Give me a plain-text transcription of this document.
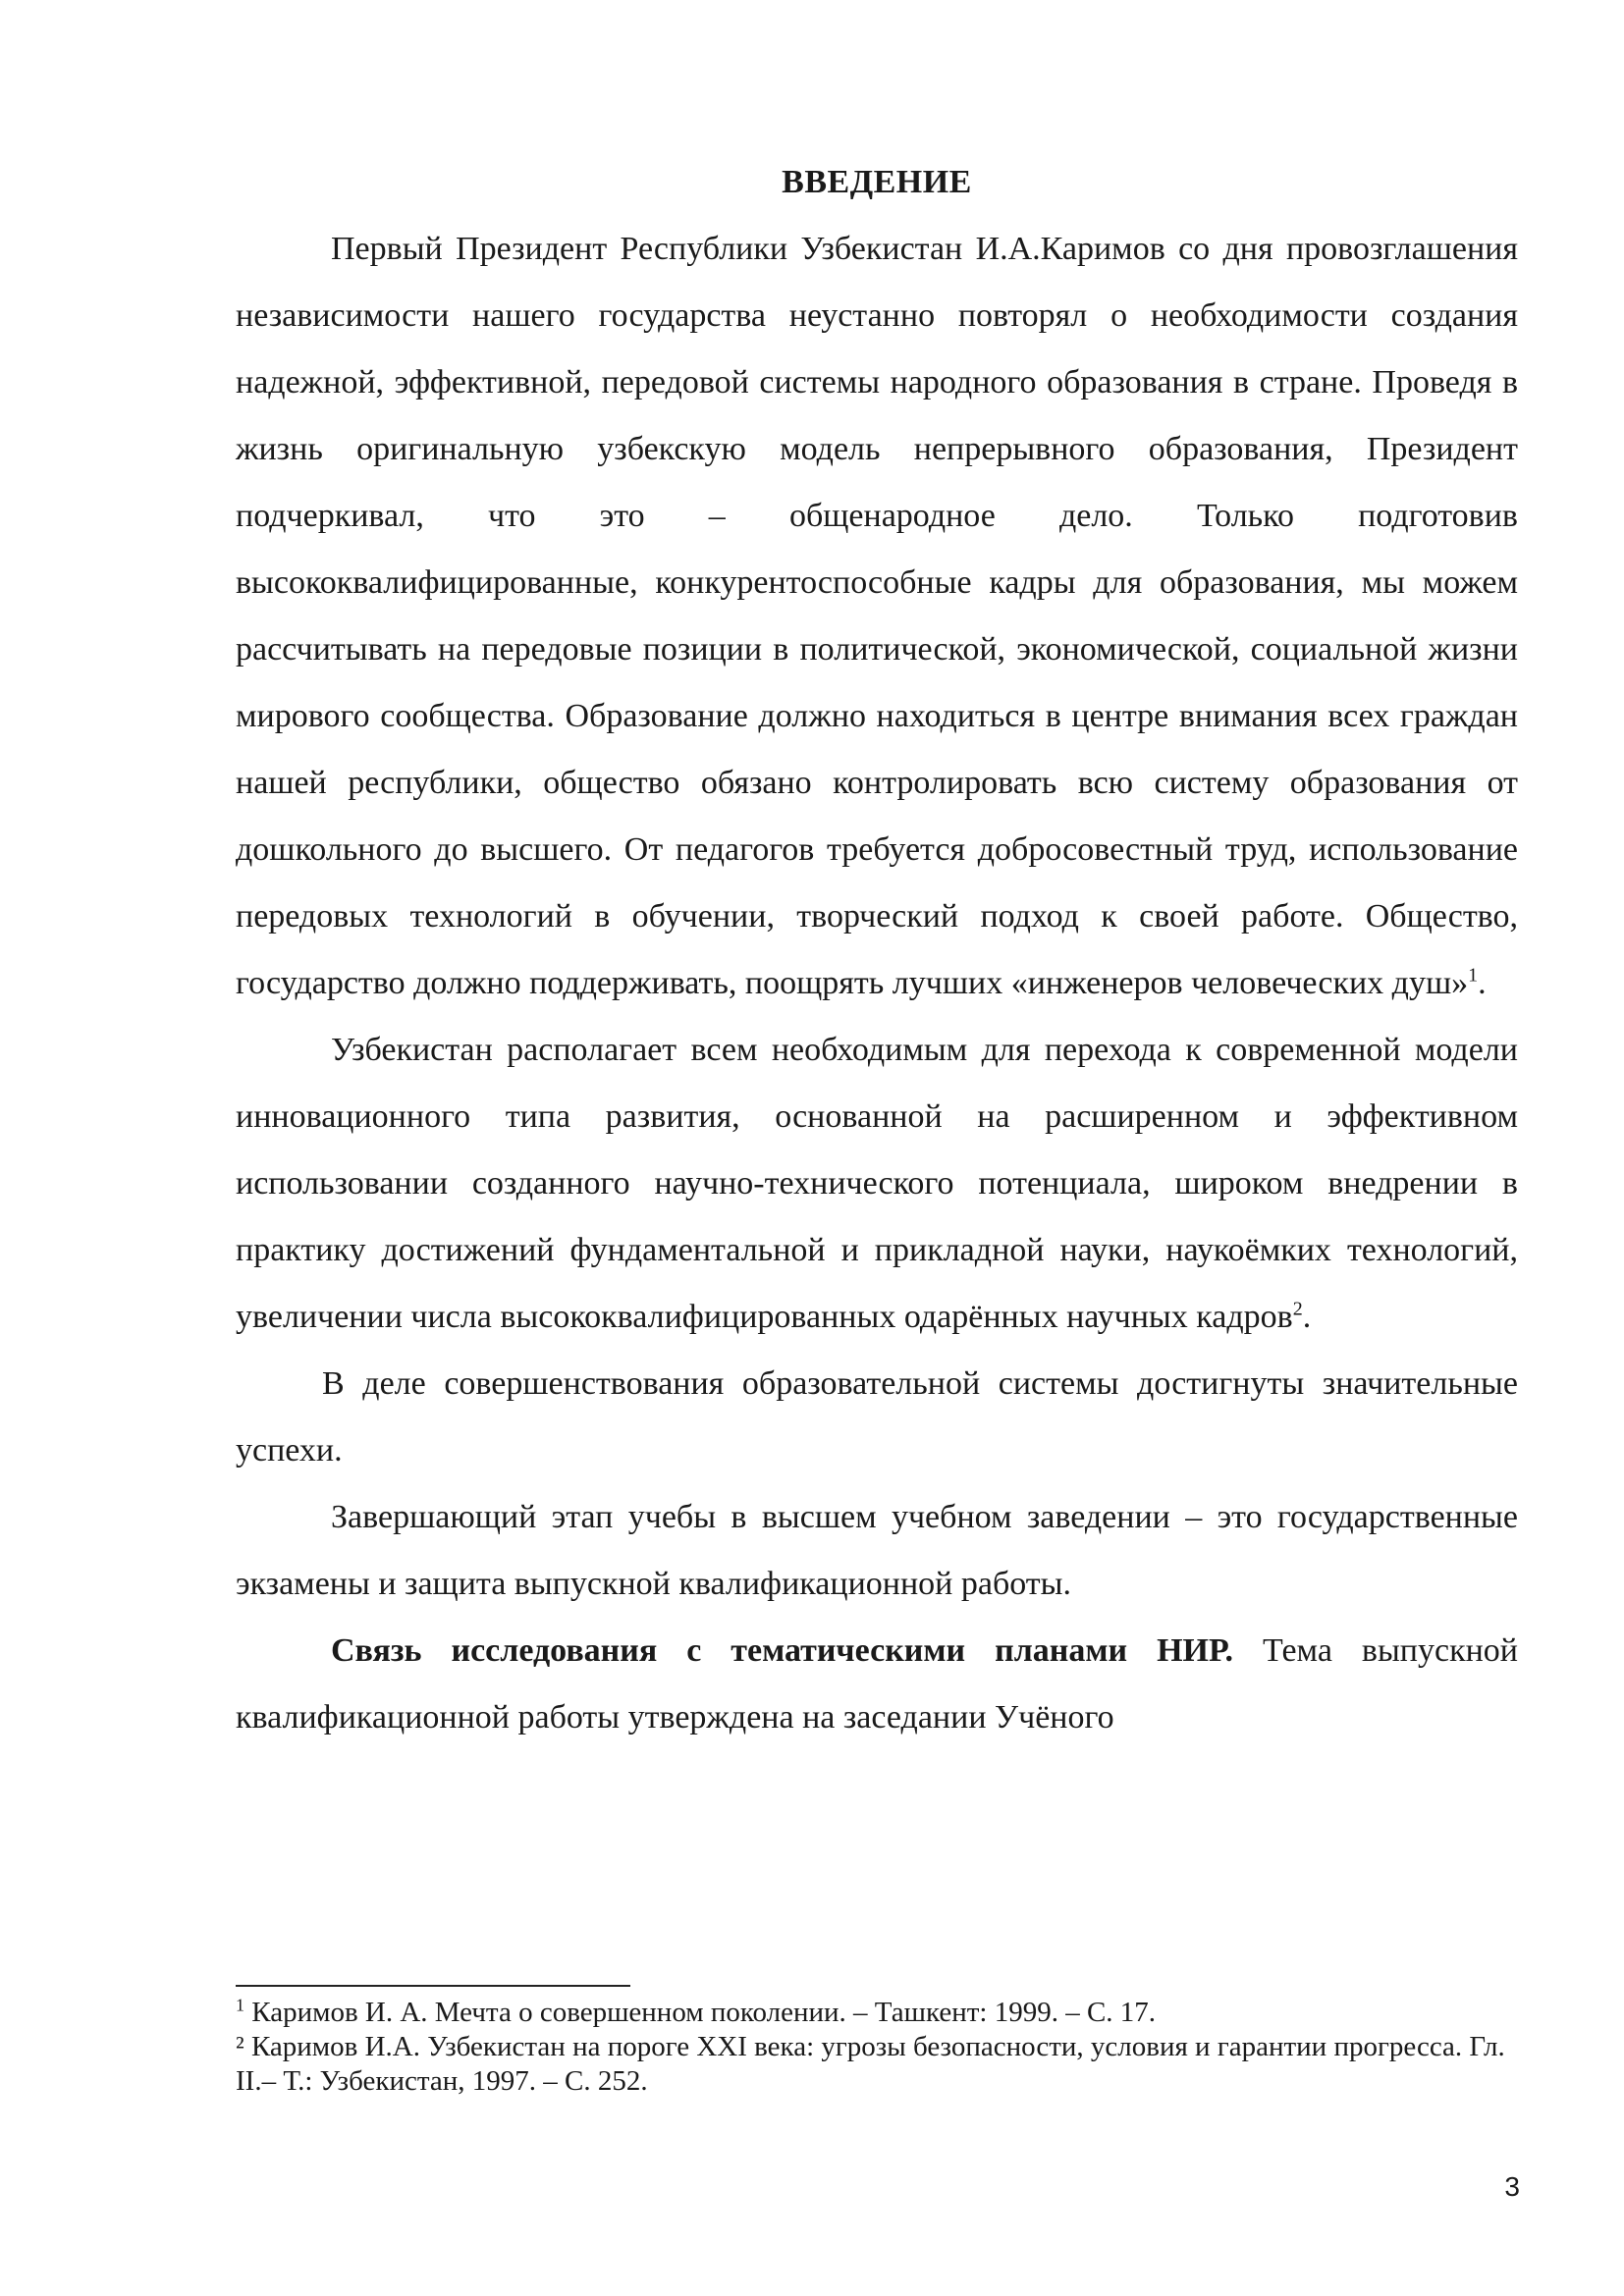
ВВЕДЕНИЕ

Первый Президент Республики Узбекистан И.А.Каримов со дня провозглашения независимости нашего государства неустанно повторял о необходимости создания надежной, эффективной, передовой системы народного образования в стране. Проведя в жизнь оригинальную узбекскую модель непрерывного образования, Президент подчеркивал, что это – общенародное дело. Только подготовив высококвалифицированные, конкурентоспособные кадры для образования, мы можем рассчитывать на передовые позиции в политической, экономической, социальной жизни мирового сообщества. Образование должно находиться в центре внимания всех граждан нашей республики, общество обязано контролировать всю систему образования от дошкольного до высшего. От педагогов требуется добросовестный труд, использование передовых технологий в обучении, творческий подход к своей работе. Общество, государство должно поддерживать, поощрять лучших «инженеров человеческих душ»$^1$.

Узбекистан располагает всем необходимым для перехода к современной модели инновационного типа развития, основанной на расширенном и эффективном использовании созданного научно-технического потенциала, широком внедрении в практику достижений фундаментальной и прикладной науки, наукоёмких технологий, увеличении числа высококвалифицированных одарённых научных кадров$^2$.

В деле совершенствования образовательной системы достигнуты значительные успехи.

Завершающий этап учебы в высшем учебном заведении – это государственные экзамены и защита выпускной квалификационной работы.

Связь исследования с тематическими планами НИР. Тема выпускной квалификационной работы утверждена на заседании Учёного

$^1$ Каримов И. А. Мечта о совершенном поколении. – Ташкент: 1999. – С. 17.

² Каримов И.А. Узбекистан на пороге XXI века: угрозы безопасности, условия и гарантии прогресса. Гл. II.– Т.: Узбекистан, 1997. – С. 252.

3
